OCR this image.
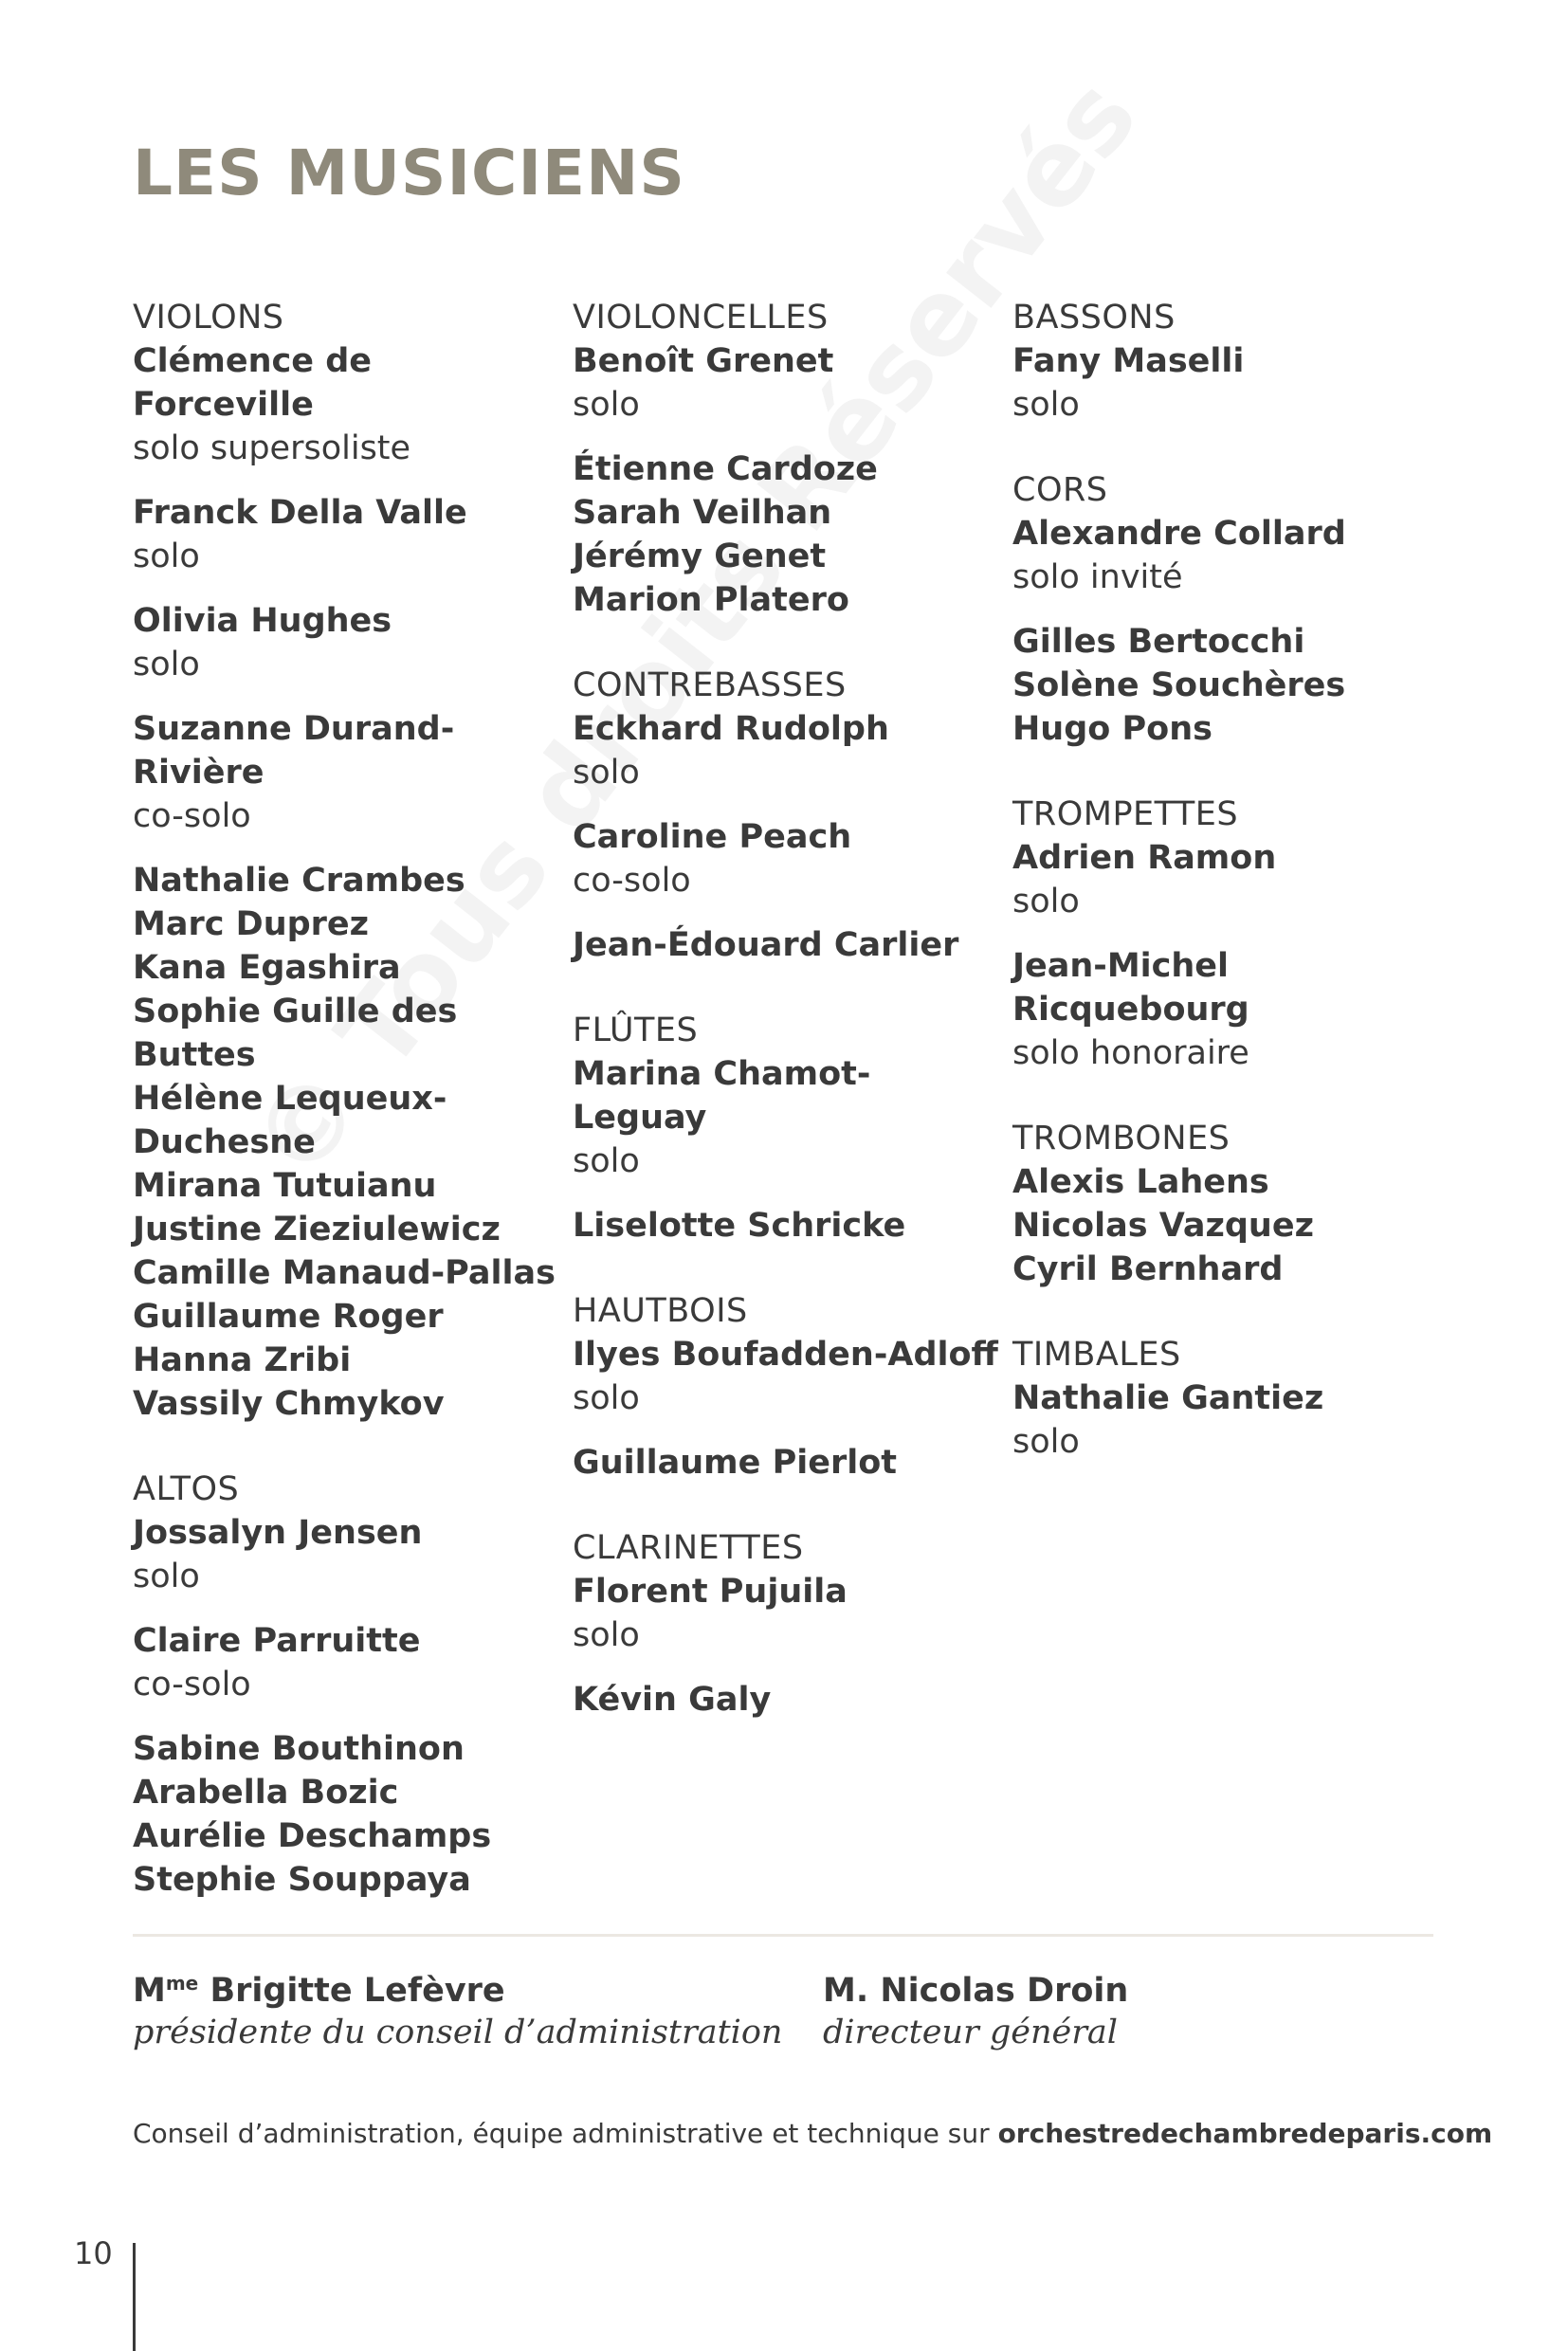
LES MUSICIENS
VIOLONS
Clémence de Forceville
solo supersoliste
Franck Della Valle
solo
Olivia Hughes
solo
Suzanne Durand-Rivière
co-solo
Nathalie Crambes
Marc Duprez
Kana Egashira
Sophie Guille des Buttes
Hélène Lequeux-
Duchesne
Mirana Tutuianu
Justine Zieziulewicz
Camille Manaud-Pallas
Guillaume Roger
Hanna Zribi
Vassily Chmykov
ALTOS
Jossalyn Jensen
solo
Claire Parruitte
co-solo
Sabine Bouthinon
Arabella Bozic
Aurélie Deschamps
Stephie Souppaya
VIOLONCELLES
Benoît Grenet
solo
Étienne Cardoze
Sarah Veilhan
Jérémy Genet
Marion Platero
CONTREBASSES
Eckhard Rudolph
solo
Caroline Peach
co-solo
Jean-Édouard Carlier
FLÛTES
Marina Chamot-Leguay
solo
Liselotte Schricke
HAUTBOIS
Ilyes Boufadden-Adloff
solo
Guillaume Pierlot
CLARINETTES
Florent Pujuila
solo
Kévin Galy
BASSONS
Fany Maselli
solo
CORS
Alexandre Collard
solo invité
Gilles Bertocchi
Solène Souchères
Hugo Pons
TROMPETTES
Adrien Ramon
solo
Jean-Michel
Ricquebourg
solo honoraire
TROMBONES
Alexis Lahens
Nicolas Vazquez
Cyril Bernhard
TIMBALES
Nathalie Gantiez
solo
$M^{me}$ Brigitte Lefèvre
présidente du conseil d’administration
M. Nicolas Droin
directeur général
Conseil d’administration, équipe administrative et technique sur orchestredechambredeparis.com
10
